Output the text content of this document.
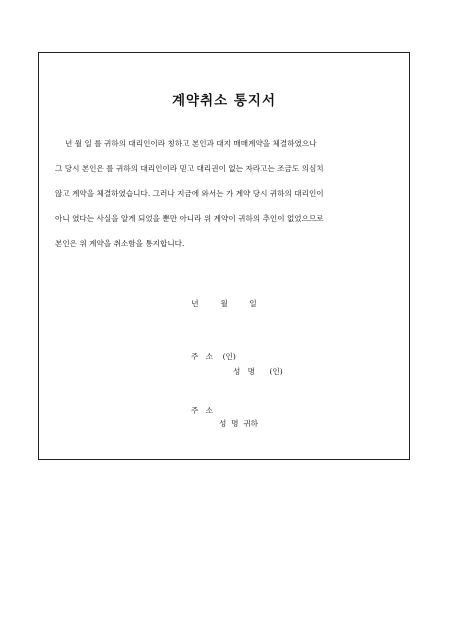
계약취소 통지서
년 월 일 를 귀하의 대리인이라 칭하고 본인과 대지 매매계약을 체결하였으나
그 당시 본인은 를 귀하의 대리인이라 믿고 대리권이 없는 자라고는 조금도 의심치
않고 계약을 체결하였습니다. 그러나 지금에 와서는 가 계약 당시 귀하의 대리인이
아니 였다는 사실을 알게 되었을 뿐만 아니라 위 계약이 귀하의 추인이 없었으므로
본인은 위 계약을 취소함을 통지합니다.
년         월         일
주   소    (인)
성   명      (인)
주   소
성  명  귀하
